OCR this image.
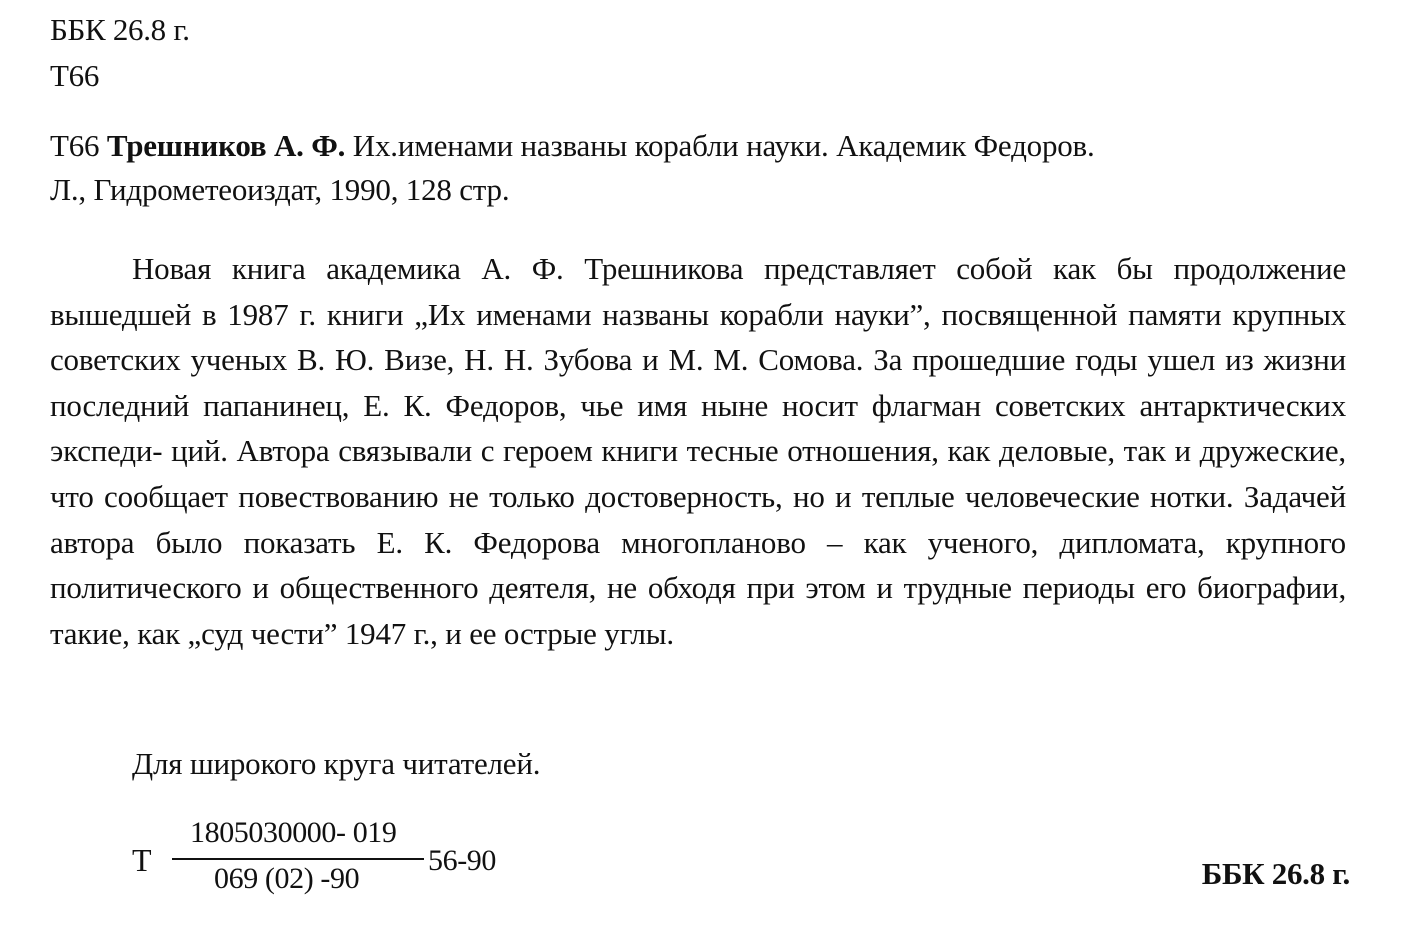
ББК 26.8 г.
Т66
Т66 Трешников А. Ф. Их.именами названы корабли науки. Академик Федоров.
Л., Гидрометеоиздат, 1990, 128 стр.

Новая книга академика А. Ф. Трешникова представляет собой как бы продолжение вышедшей в 1987 г. книги „Их именами названы корабли науки”, посвященной памяти крупных советских ученых В. Ю. Визе, Н. Н. Зубова и М. М. Сомова. За прошедшие годы ушел из жизни последний папанинец, Е. К. Федоров, чье имя ныне носит флагман советских антарктических экспеди- ций. Автора связывали с героем книги тесные отношения, как деловые, так и дружеские, что сообщает повествованию не только достоверность, но и теплые человеческие нотки. Задачей автора было показать Е. К. Федорова многопланово – как ученого, дипломата, крупного политического и общественного деятеля, не обходя при этом и трудные периоды его биографии, такие, как „суд чести” 1947 г., и ее острые углы.

Для широкого круга читателей.

Т
1805030000- 019
069 (02) -90
56-90	ББК 26.8 г.
